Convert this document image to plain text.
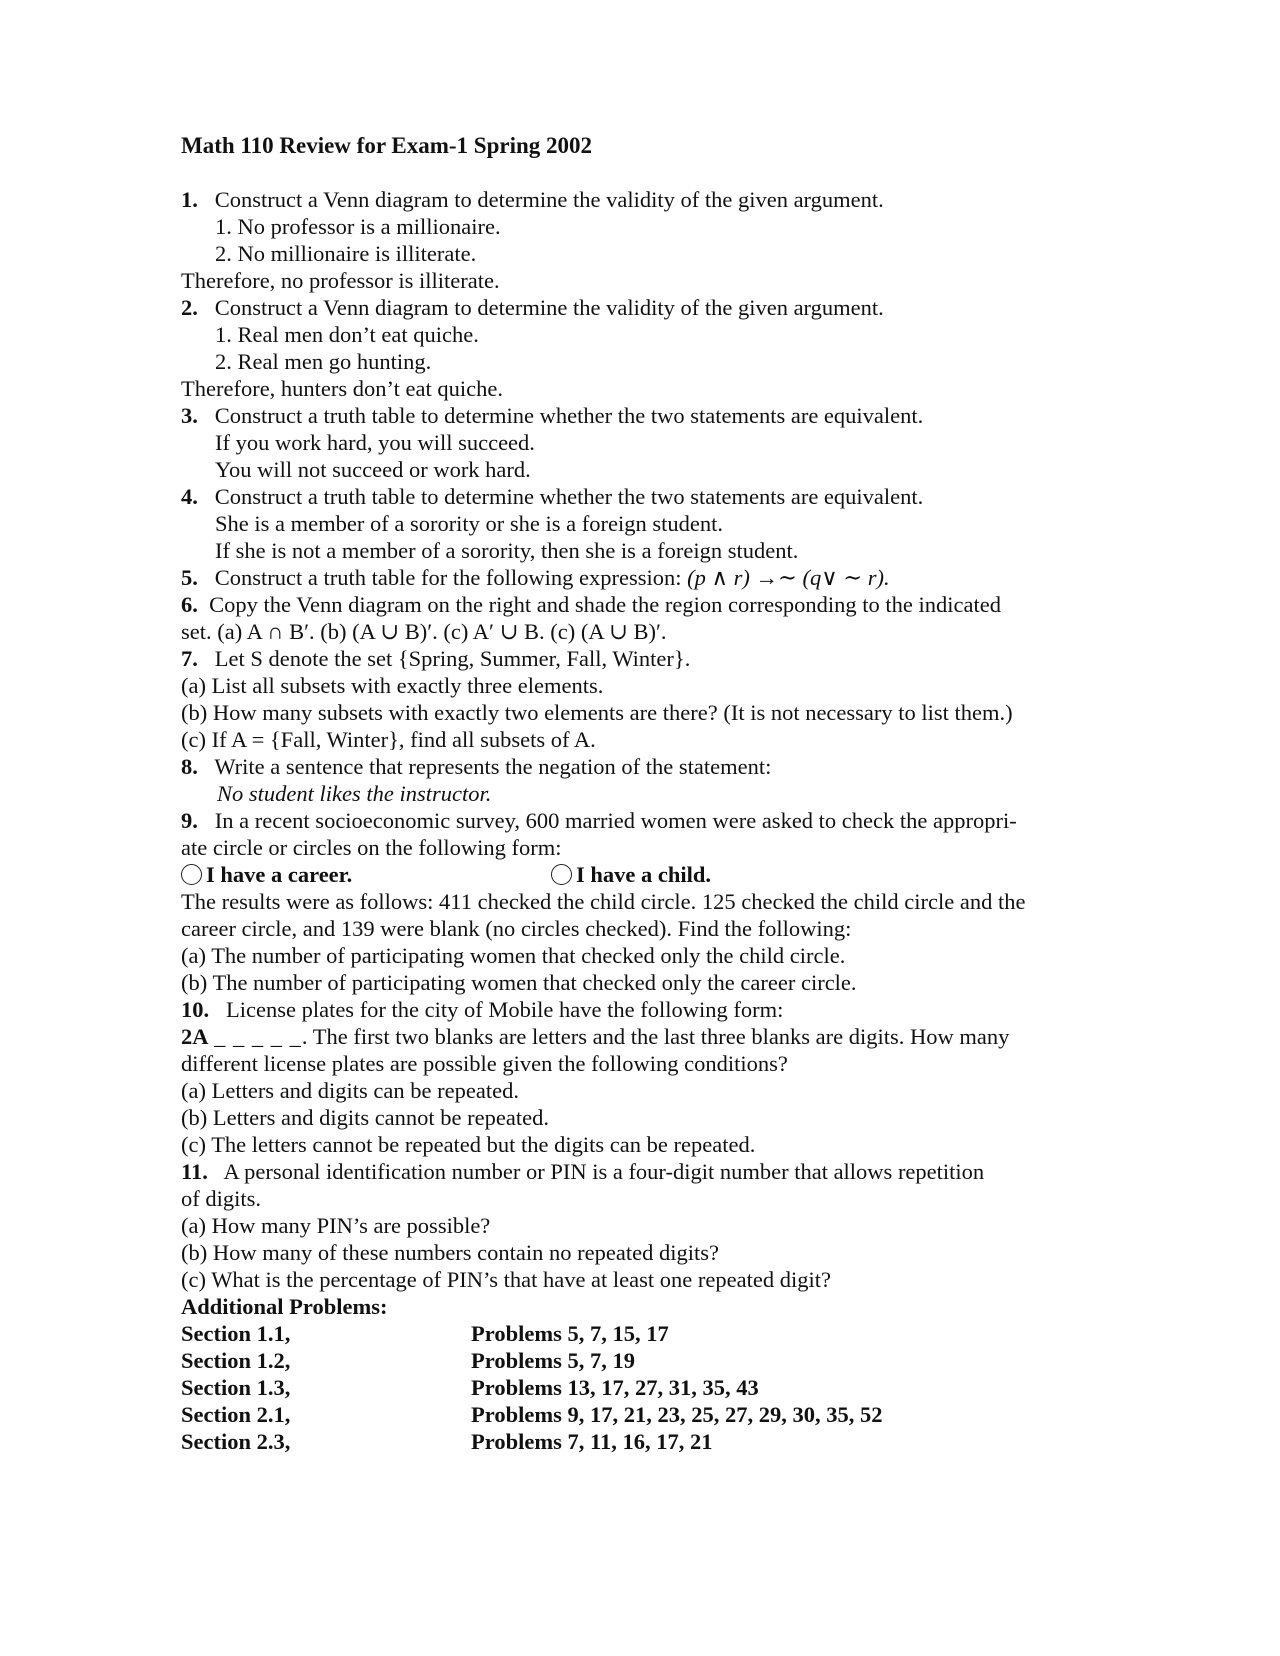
Math 110 Review for Exam-1 Spring 2002
1. Construct a Venn diagram to determine the validity of the given argument.
1. No professor is a millionaire.
2. No millionaire is illiterate.
Therefore, no professor is illiterate.
2. Construct a Venn diagram to determine the validity of the given argument.
1. Real men don’t eat quiche.
2. Real men go hunting.
Therefore, hunters don’t eat quiche.
3. Construct a truth table to determine whether the two statements are equivalent.
If you work hard, you will succeed.
You will not succeed or work hard.
4. Construct a truth table to determine whether the two statements are equivalent.
She is a member of a sorority or she is a foreign student.
If she is not a member of a sorority, then she is a foreign student.
5. Construct a truth table for the following expression: (p ∧ r) →∼ (q∨ ∼ r).
6. Copy the Venn diagram on the right and shade the region corresponding to the indicated
set. (a) A ∩ B′. (b) (A ∪ B)′. (c) A′ ∪ B. (c) (A ∪ B)′.
7. Let S denote the set {Spring, Summer, Fall, Winter}.
(a) List all subsets with exactly three elements.
(b) How many subsets with exactly two elements are there? (It is not necessary to list them.)
(c) If A = {Fall, Winter}, find all subsets of A.
8. Write a sentence that represents the negation of the statement:
No student likes the instructor.
9. In a recent socioeconomic survey, 600 married women were asked to check the appropri-
ate circle or circles on the following form:
I have a career.	I have a child.
The results were as follows: 411 checked the child circle. 125 checked the child circle and the
career circle, and 139 were blank (no circles checked). Find the following:
(a) The number of participating women that checked only the child circle.
(b) The number of participating women that checked only the career circle.
10. License plates for the city of Mobile have the following form:
2A _ _ _ _ _. The first two blanks are letters and the last three blanks are digits. How many
different license plates are possible given the following conditions?
(a) Letters and digits can be repeated.
(b) Letters and digits cannot be repeated.
(c) The letters cannot be repeated but the digits can be repeated.
11. A personal identification number or PIN is a four-digit number that allows repetition
of digits.
(a) How many PIN’s are possible?
(b) How many of these numbers contain no repeated digits?
(c) What is the percentage of PIN’s that have at least one repeated digit?
Additional Problems:
Section 1.1,	Problems 5, 7, 15, 17
Section 1.2,	Problems 5, 7, 19
Section 1.3,	Problems 13, 17, 27, 31, 35, 43
Section 2.1,	Problems 9, 17, 21, 23, 25, 27, 29, 30, 35, 52
Section 2.3,	Problems 7, 11, 16, 17, 21
